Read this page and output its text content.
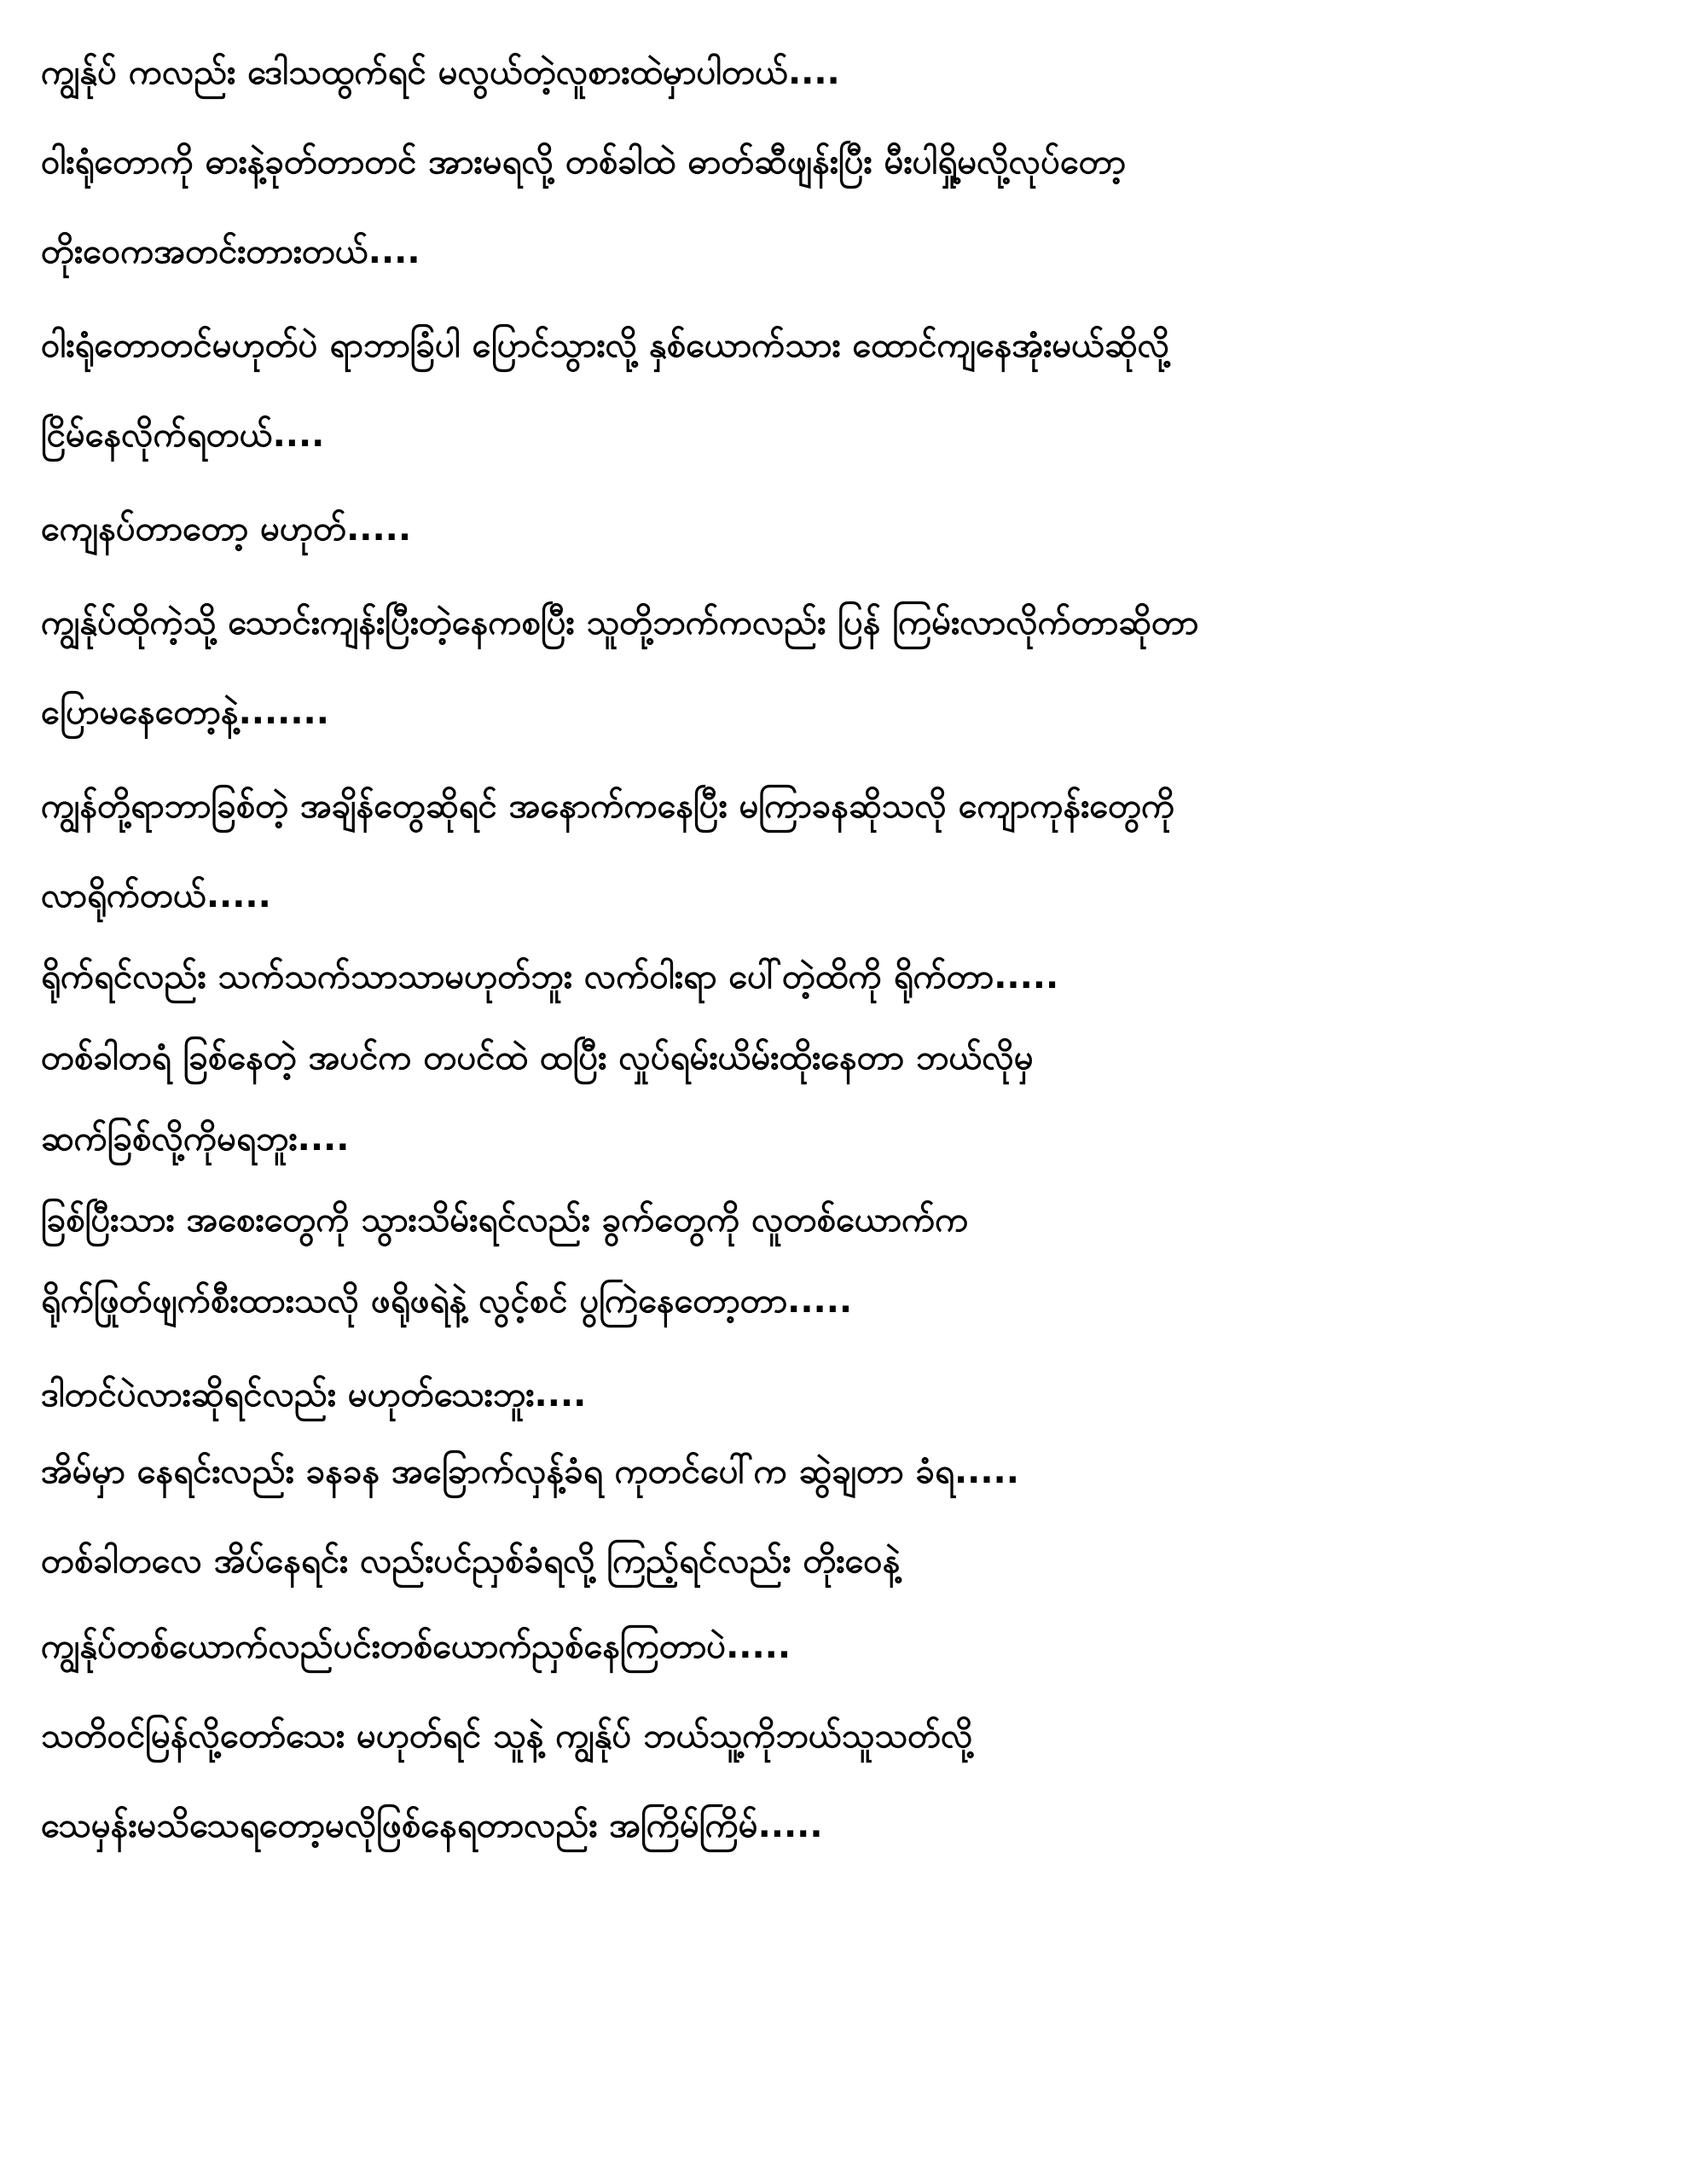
ကျွန်ုပ် ကလည်း ဒေါသထွက်ရင် မလွယ်တဲ့လူစားထဲမှာပါတယ်....
ဝါးရုံတောကို ဓားနဲ့ခုတ်တာတင် အားမရလို့ တစ်ခါထဲ ဓာတ်ဆီဖျန်းပြီး မီးပါရှို့မလို့လုပ်တော့
တိုးဝေကအတင်းတားတယ်....
ဝါးရုံတောတင်မဟုတ်ပဲ ရာဘာခြံပါ ပြောင်သွားလို့ နှစ်ယောက်သား ထောင်ကျနေအုံးမယ်ဆိုလို့
ငြိမ်နေလိုက်ရတယ်....
ကျေနပ်တာတော့ မဟုတ်.....
ကျွန်ုပ်ထိုကဲ့သို့ သောင်းကျန်းပြီးတဲ့နေကစပြီး သူတို့ဘက်ကလည်း ပြန် ကြမ်းလာလိုက်တာဆိုတာ
ပြောမနေတော့နဲ့.......
ကျွန်တို့ရာဘာခြစ်တဲ့ အချိန်တွေဆိုရင် အနောက်ကနေပြီး မကြာခနဆိုသလို ကျောကုန်းတွေကို
လာရိုက်တယ်.....
ရိုက်ရင်လည်း သက်သက်သာသာမဟုတ်ဘူး လက်ဝါးရာ ပေါ်တဲ့ထိကို ရိုက်တာ.....
တစ်ခါတရံ ခြစ်နေတဲ့ အပင်က တပင်ထဲ ထပြီး လှုပ်ရမ်းယိမ်းထိုးနေတာ ဘယ်လိုမှ
ဆက်ခြစ်လို့ကိုမရဘူး....
ခြစ်ပြီးသား အစေးတွေကို သွားသိမ်းရင်လည်း ခွက်တွေကို လူတစ်ယောက်က
ရိုက်ဖြုတ်ဖျက်စီးထားသလို ဖရိုဖရဲနဲ့ လွင့်စင် ပွကြဲနေတော့တာ.....
ဒါတင်ပဲလားဆိုရင်လည်း မဟုတ်သေးဘူး....
အိမ်မှာ နေရင်းလည်း ခနခန အခြောက်လှန့်ခံရ ကုတင်ပေါ်က ဆွဲချတာ ခံရ.....
တစ်ခါတလေ အိပ်နေရင်း လည်းပင်ညှစ်ခံရလို့ ကြည့်ရင်လည်း တိုးဝေနဲ့
ကျွန်ုပ်တစ်ယောက်လည်ပင်းတစ်ယောက်ညှစ်နေကြတာပဲ.....
သတိဝင်မြန်လို့တော်သေး မဟုတ်ရင် သူနဲ့ ကျွန်ုပ် ဘယ်သူ့ကိုဘယ်သူသတ်လို့
သေမှန်းမသိသေရတော့မလိုဖြစ်နေရတာလည်း အကြိမ်ကြိမ်.....
